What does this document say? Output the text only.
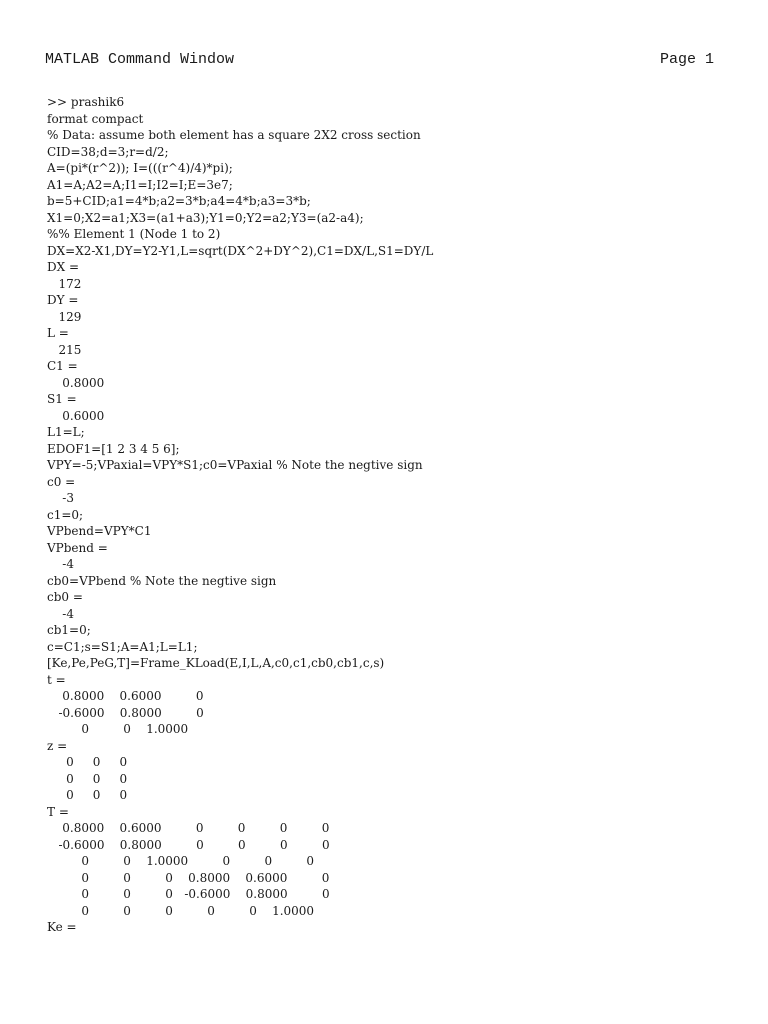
MATLAB Command Window	Page 1
>> prashik6
format compact
% Data: assume both element has a square 2X2 cross section
CID=38;d=3;r=d/2;
A=(pi*(r^2)); I=(((r^4)/4)*pi);
A1=A;A2=A;I1=I;I2=I;E=3e7;
b=5+CID;a1=4*b;a2=3*b;a4=4*b;a3=3*b;
X1=0;X2=a1;X3=(a1+a3);Y1=0;Y2=a2;Y3=(a2-a4);
%% Element 1 (Node 1 to 2)
DX=X2-X1,DY=Y2-Y1,L=sqrt(DX^2+DY^2),C1=DX/L,S1=DY/L
DX =
172
DY =
129
L =
215
C1 =
0.8000
S1 =
0.6000
L1=L;
EDOF1=[1 2 3 4 5 6];
VPY=-5;VPaxial=VPY*S1;c0=VPaxial % Note the negtive sign
c0 =
-3
c1=0;
VPbend=VPY*C1
VPbend =
-4
cb0=VPbend % Note the negtive sign
cb0 =
-4
cb1=0;
c=C1;s=S1;A=A1;L=L1;
[Ke,Pe,PeG,T]=Frame_KLoad(E,I,L,A,c0,c1,cb0,cb1,c,s)
t =
0.8000    0.6000         0
-0.6000    0.8000         0
0         0    1.0000
z =
0     0     0
0     0     0
0     0     0
T =
0.8000    0.6000         0         0         0         0
-0.6000    0.8000         0         0         0         0
0         0    1.0000         0         0         0
0         0         0    0.8000    0.6000         0
0         0         0   -0.6000    0.8000         0
0         0         0         0         0    1.0000
Ke =
